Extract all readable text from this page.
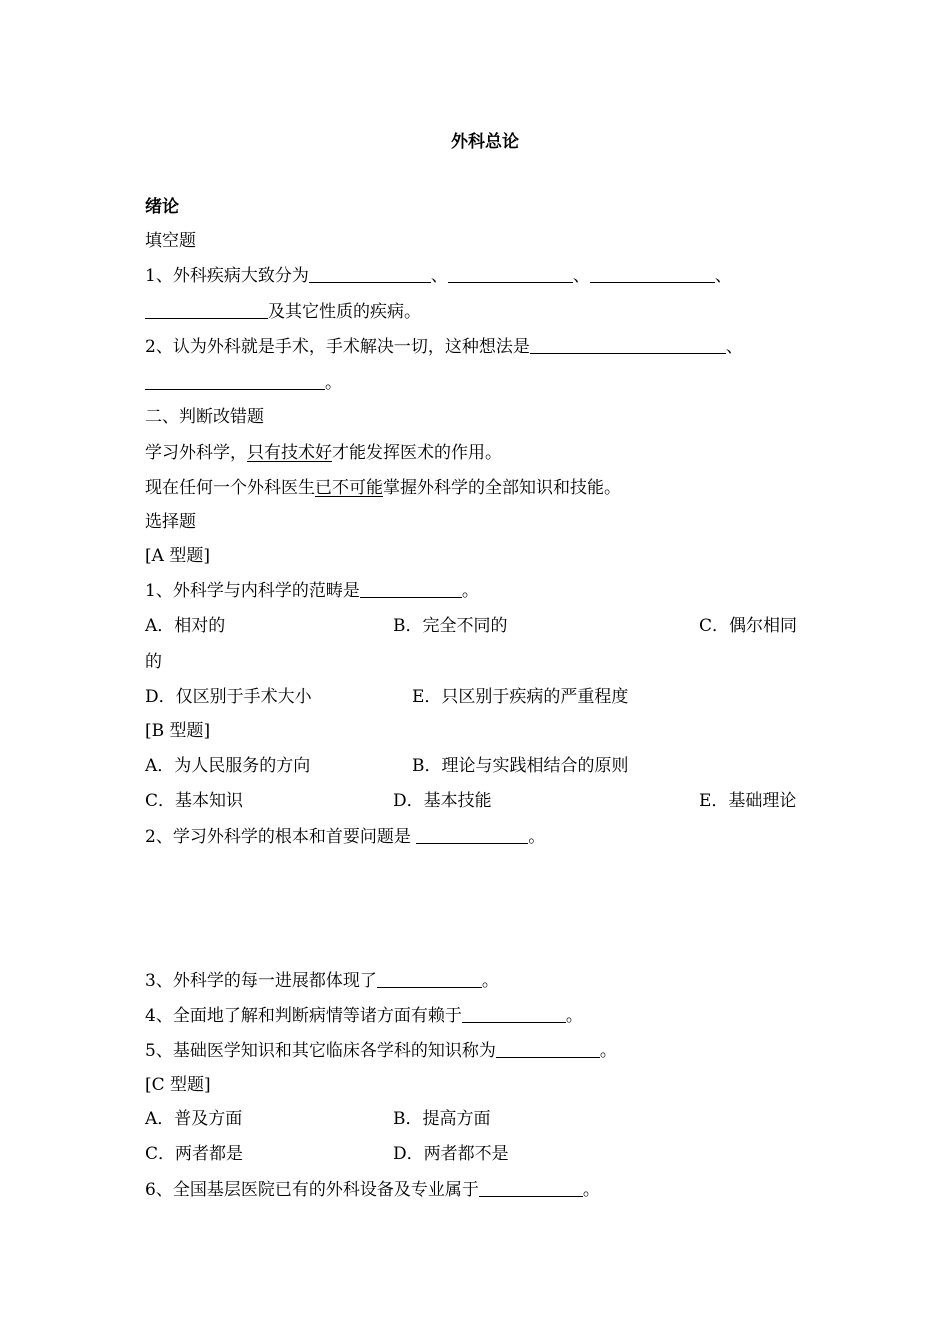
外科总论
绪论
填空题
1、外科疾病大致分为	、	、	、
及其它性质的疾病。
2、认为外科就是手术，手术解决一切，这种想法是	、
。
二、判断改错题
学习外科学，只有技术好才能发挥医术的作用。
现在任何一个外科医生已不可能掌握外科学的全部知识和技能。
选择题
[A 型题]
1、外科学与内科学的范畴是	。
A．相对的	B．完全不同的	C．偶尔相同
的
D．仅区别于手术大小	E．只区别于疾病的严重程度
[B 型题]
A．为人民服务的方向	B．理论与实践相结合的原则
C．基本知识	D．基本技能	E．基础理论
2、学习外科学的根本和首要问题是	。
3、外科学的每一进展都体现了	。
4、全面地了解和判断病情等诸方面有赖于	。
5、基础医学知识和其它临床各学科的知识称为	。
[C 型题]
A．普及方面	B．提高方面
C．两者都是	D．两者都不是
6、全国基层医院已有的外科设备及专业属于	。
